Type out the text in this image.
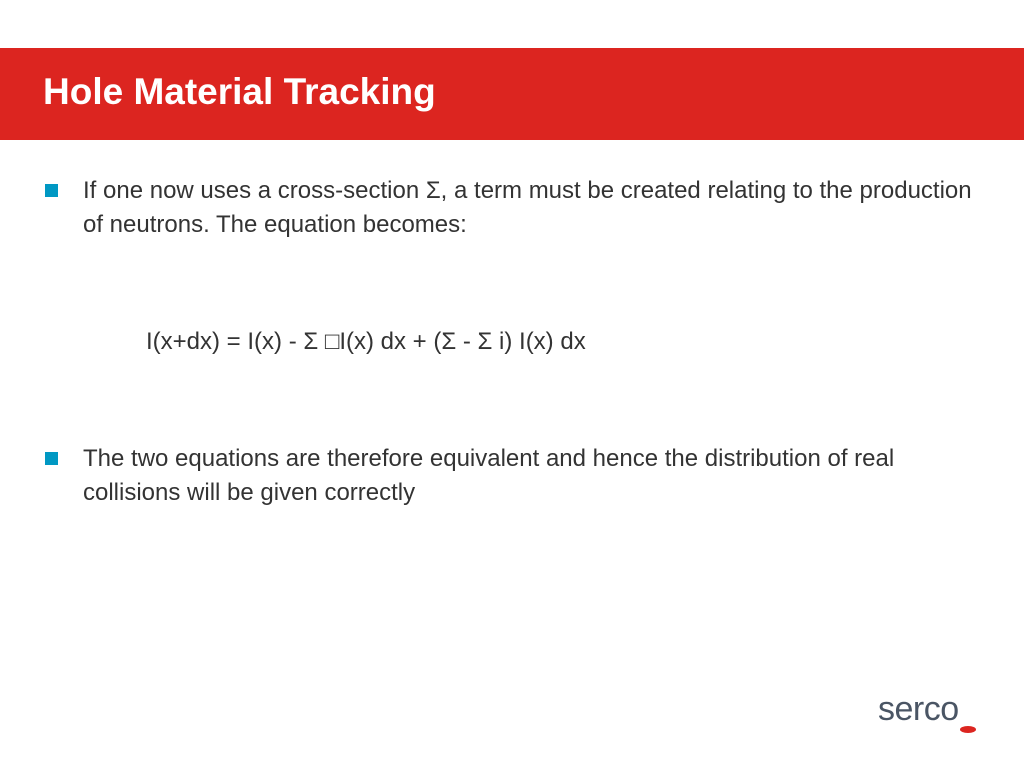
Hole Material Tracking
If one now uses a cross-section Σ, a term must be created relating to the production of neutrons. The equation becomes:
I(x+dx) = I(x) - Σ □I(x) dx + (Σ - Σ i) I(x) dx
The two equations are therefore equivalent and hence the distribution of real collisions will be given correctly
serco
